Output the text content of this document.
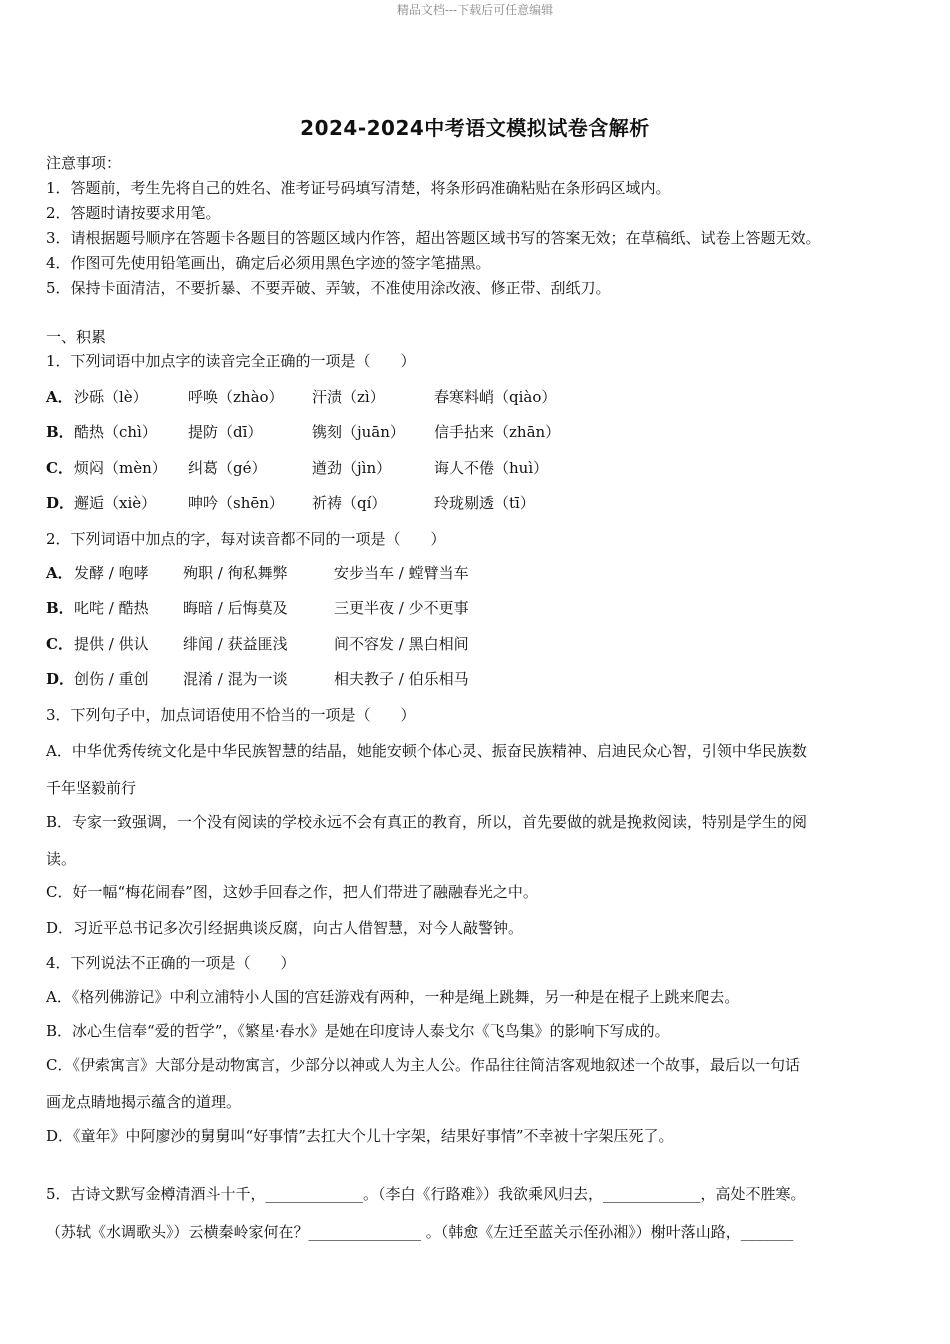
精品文档---下载后可任意编辑
2024-2024中考语文模拟试卷含解析
注意事项：
1．答题前，考生先将自己的姓名、准考证号码填写清楚，将条形码准确粘贴在条形码区域内。
2．答题时请按要求用笔。
3．请根据题号顺序在答题卡各题目的答题区域内作答，超出答题区域书写的答案无效；在草稿纸、试卷上答题无效。
4．作图可先使用铅笔画出，确定后必须用黑色字迹的签字笔描黑。
5．保持卡面清洁，不要折暴、不要弄破、弄皱，不准使用涂改液、修正带、刮纸刀。
一、积累
1．下列词语中加点字的读音完全正确的一项是（　　）
A． 沙砾（lè）	呼唤（zhào） 汗渍（zì）	春寒料峭（qiào）
B． 酷热（chì） 提防（dī）	镌刻（juān） 信手拈来（zhān）
C． 烦闷（mèn） 纠葛（gé）	遒劲（jìn）	诲人不倦（huì）
D． 邂逅（xiè） 呻吟（shēn） 祈祷（qí）	玲珑剔透（tī）
2．下列词语中加点的字，每对读音都不同的一项是（　　）
A． 发酵 / 咆哮 殉职 / 徇私舞弊	安步当车 / 螳臂当车
B． 叱咤 / 酷热 晦暗 / 后悔莫及	三更半夜 / 少不更事
C． 提供 / 供认 绯闻 / 获益匪浅	间不容发 / 黑白相间
D． 创伤 / 重创 混淆 / 混为一谈	相夫教子 / 伯乐相马
3．下列句子中，加点词语使用不恰当的一项是（　　）
A．中华优秀传统文化是中华民族智慧的结晶，她能安顿个体心灵、振奋民族精神、启迪民众心智，引领中华民族数
千年坚毅前行
B．专家一致强调，一个没有阅读的学校永远不会有真正的教育，所以，首先要做的就是挽救阅读，特别是学生的阅
读。
C．好一幅“梅花闹春”图，这妙手回春之作，把人们带进了融融春光之中。
D．习近平总书记多次引经据典谈反腐，向古人借智慧，对今人敲警钟。
4．下列说法不正确的一项是（　　）
A．《格列佛游记》中利立浦特小人国的宫廷游戏有两种，一种是绳上跳舞，另一种是在棍子上跳来爬去。
B．冰心生信奉“爱的哲学”，《繁星·春水》是她在印度诗人泰戈尔《飞鸟集》的影响下写成的。
C．《伊索寓言》大部分是动物寓言，少部分以神或人为主人公。作品往往简洁客观地叙述一个故事，最后以一句话
画龙点睛地揭示蕴含的道理。
D．《童年》中阿廖沙的舅舅叫“好事情”去扛大个儿十字架，结果好事情”不幸被十字架压死了。
5．古诗文默写金樽清酒斗十千，_____________。（李白《行路难》）我欲乘风归去，_____________，高处不胜寒。
（苏轼《水调歌头》）云横秦岭家何在？_______________ 。（韩愈《左迁至蓝关示侄孙湘》）榭叶落山路，_______
